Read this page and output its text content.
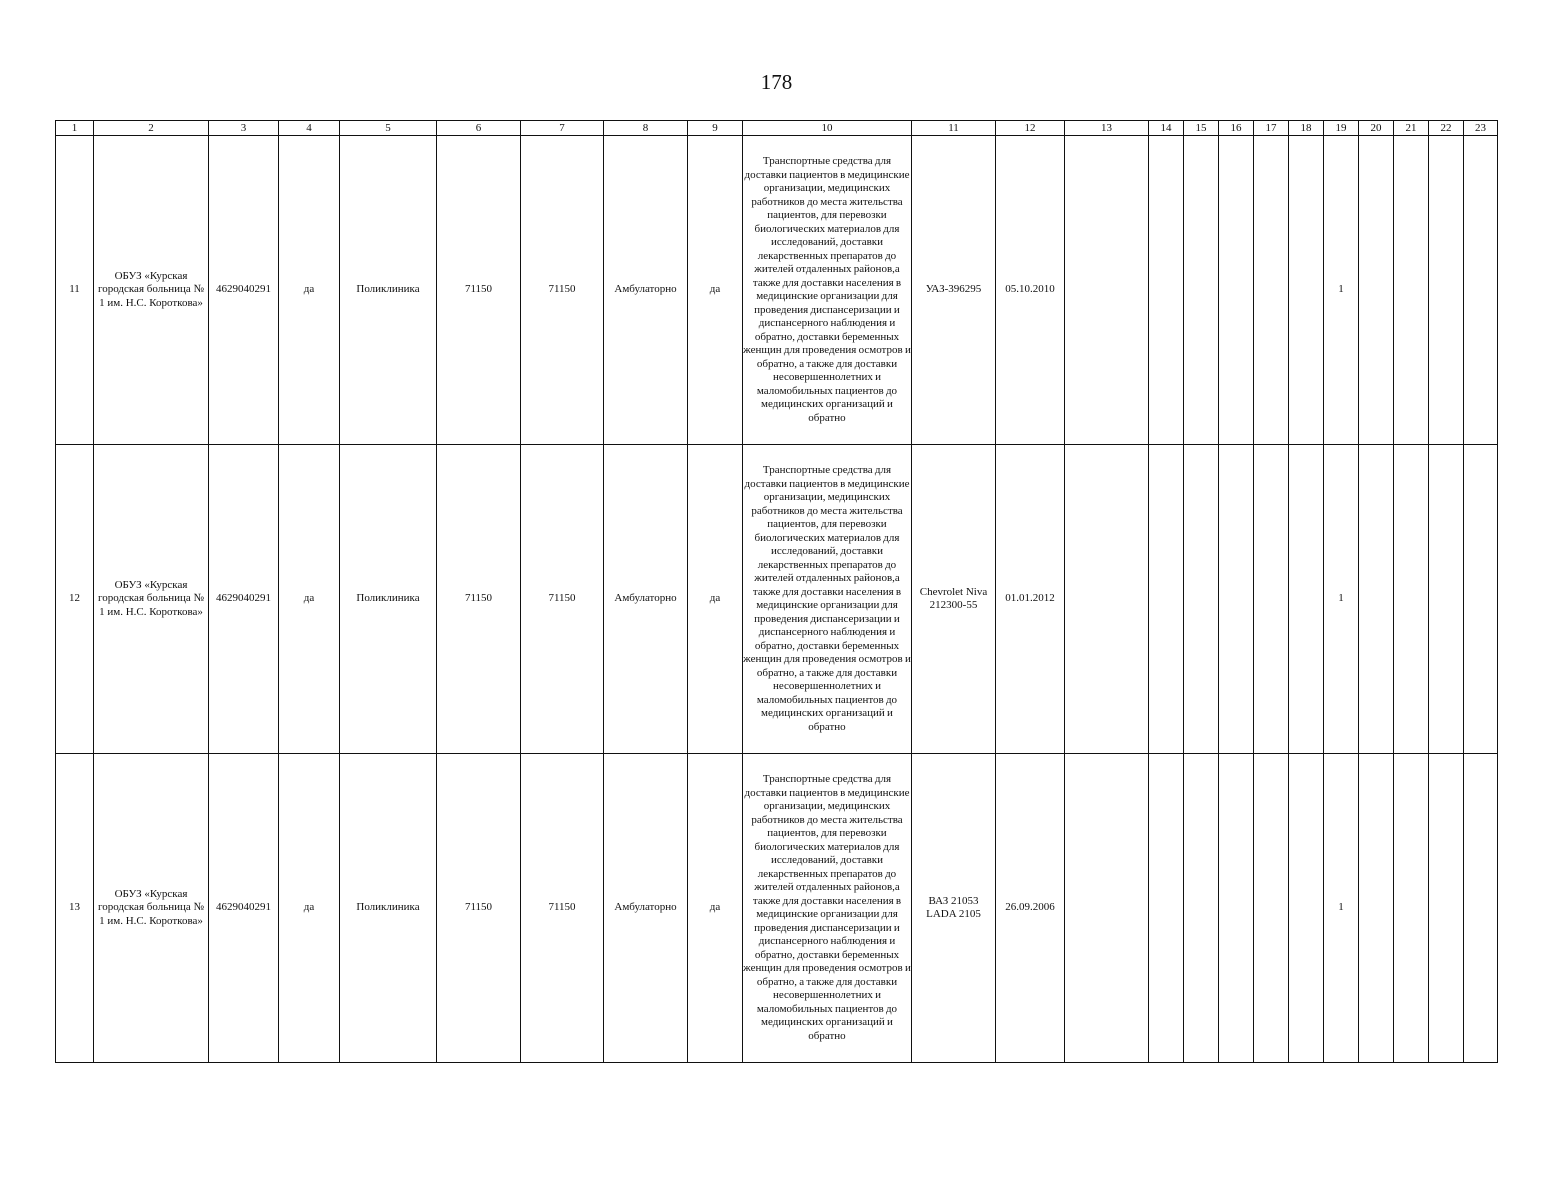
178
1	2	3	4	5	6	7	8	9	10	11	12	13	14	15	16	17	18	19	20	21	22	23
11	ОБУЗ «Курская городская больница № 1 им. Н.С. Короткова»	4629040291	да	Поликлиника	71150	71150	Амбулаторно	да	Транспортные средства для доставки пациентов в медицинские организации, медицинских работников до места жительства пациентов, для перевозки биологических материалов для исследований, доставки лекарственных препаратов до жителей отдаленных районов,а также для доставки населения в медицинские организации для проведения диспансеризации и диспансерного наблюдения и обратно, доставки беременных женщин для проведения осмотров и обратно, а также для доставки несовершеннолетних и маломобильных пациентов до медицинских организаций и обратно	УАЗ-396295	05.10.2010							1				
12	ОБУЗ «Курская городская больница № 1 им. Н.С. Короткова»	4629040291	да	Поликлиника	71150	71150	Амбулаторно	да	Транспортные средства для доставки пациентов в медицинские организации, медицинских работников до места жительства пациентов, для перевозки биологических материалов для исследований, доставки лекарственных препаратов до жителей отдаленных районов,а также для доставки населения в медицинские организации для проведения диспансеризации и диспансерного наблюдения и обратно, доставки беременных женщин для проведения осмотров и обратно, а также для доставки несовершеннолетних и маломобильных пациентов до медицинских организаций и обратно	Chevrolet Niva 212300-55	01.01.2012							1				
13	ОБУЗ «Курская городская больница № 1 им. Н.С. Короткова»	4629040291	да	Поликлиника	71150	71150	Амбулаторно	да	Транспортные средства для доставки пациентов в медицинские организации, медицинских работников до места жительства пациентов, для перевозки биологических материалов для исследований, доставки лекарственных препаратов до жителей отдаленных районов,а также для доставки населения в медицинские организации для проведения диспансеризации и диспансерного наблюдения и обратно, доставки беременных женщин для проведения осмотров и обратно, а также для доставки несовершеннолетних и маломобильных пациентов до медицинских организаций и обратно	ВАЗ 21053 LADA 2105	26.09.2006							1				
